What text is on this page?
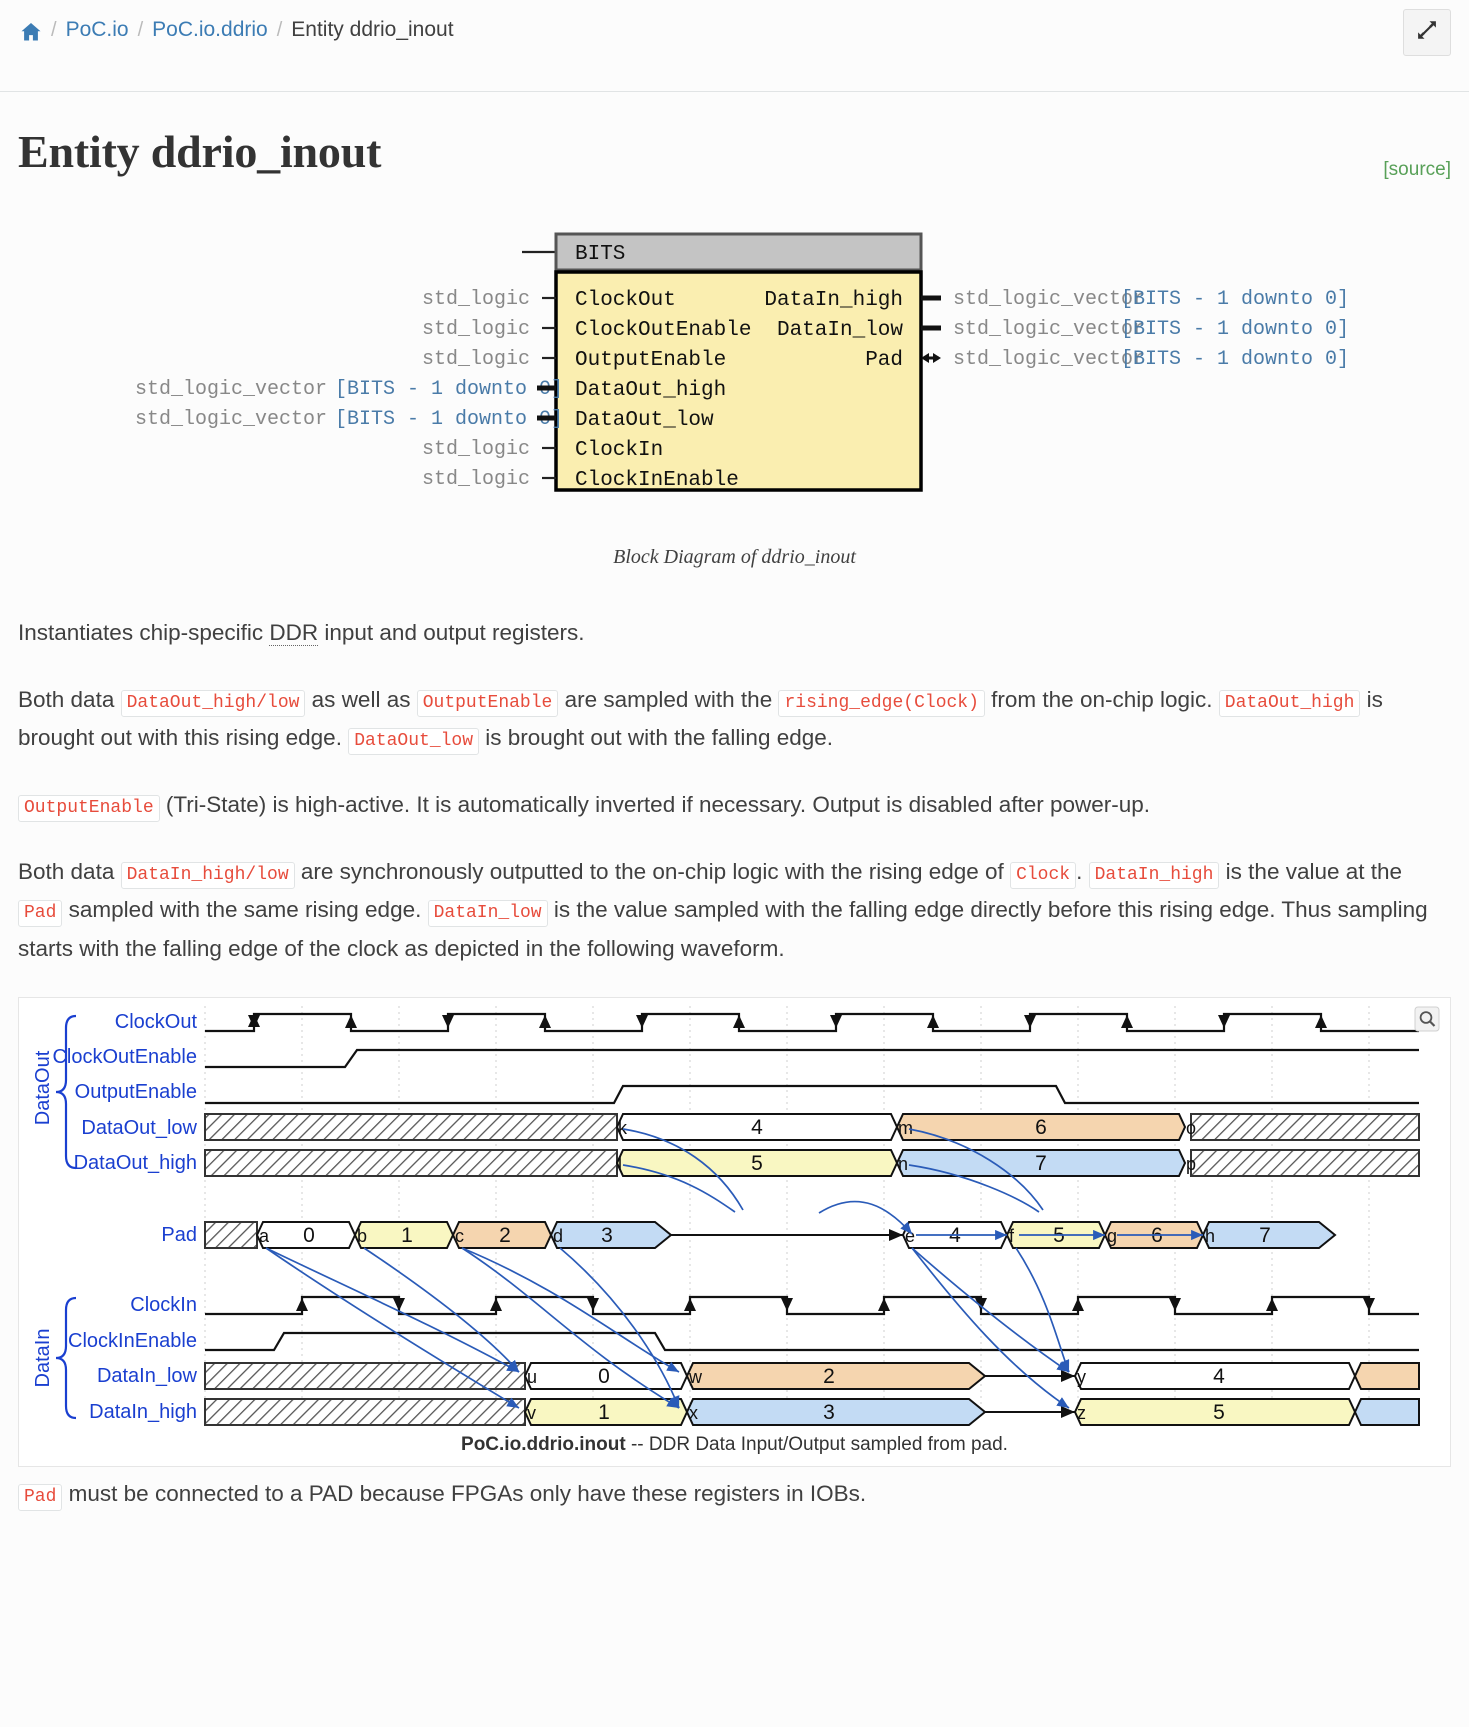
/ PoC.io / PoC.io.ddrio / Entity ddrio_inout
[source]
Entity ddrio_inout
BITS
std_logic ClockOut
std_logic ClockOutEnable
std_logic OutputEnable
std_logic_vector [BITS - 1 downto 0] DataOut_high
std_logic_vector [BITS - 1 downto 0] DataOut_low
std_logic ClockIn
std_logic ClockInEnable
DataIn_high	std_logic_vector
[BITS - 1 downto 0]
DataIn_low	std_logic_vector
[BITS - 1 downto 0]
Pad	std_logic_vector
[BITS - 1 downto 0]
Block Diagram of ddrio_inout

Instantiates chip-specific DDR input and output registers.

Both data DataOut_high/low as well as OutputEnable are sampled with the rising_edge(Clock) from the on-chip logic. DataOut_high is brought out with this rising edge. DataOut_low is brought out with the falling edge.

OutputEnable (Tri-State) is high-active. It is automatically inverted if necessary. Output is disabled after power-up.

Both data DataIn_high/low are synchronously outputted to the on-chip logic with the rising edge of Clock . DataIn_high is the value at the Pad sampled with the same rising edge. DataIn_low is the value sampled with the falling edge directly before this rising edge. Thus sampling starts with the falling edge of the clock as depicted in the following waveform.

DataOut
DataIn
ClockOut
ClockOutEnable
OutputEnable
DataOut_low
DataOut_high
Pad
ClockIn
ClockInEnable
DataIn_low
DataIn_high
k	4	m	6	o
l	5	n	7	p
a 0 b 1 c 2 d 3	e 4	f 5 g 6 h 7
u	0	w	2	y	4
v	1	x	3	z	5
PoC.io.ddrio.inout -- DDR Data Input/Output sampled from pad.

Pad must be connected to a PAD because FPGAs only have these registers in IOBs.
